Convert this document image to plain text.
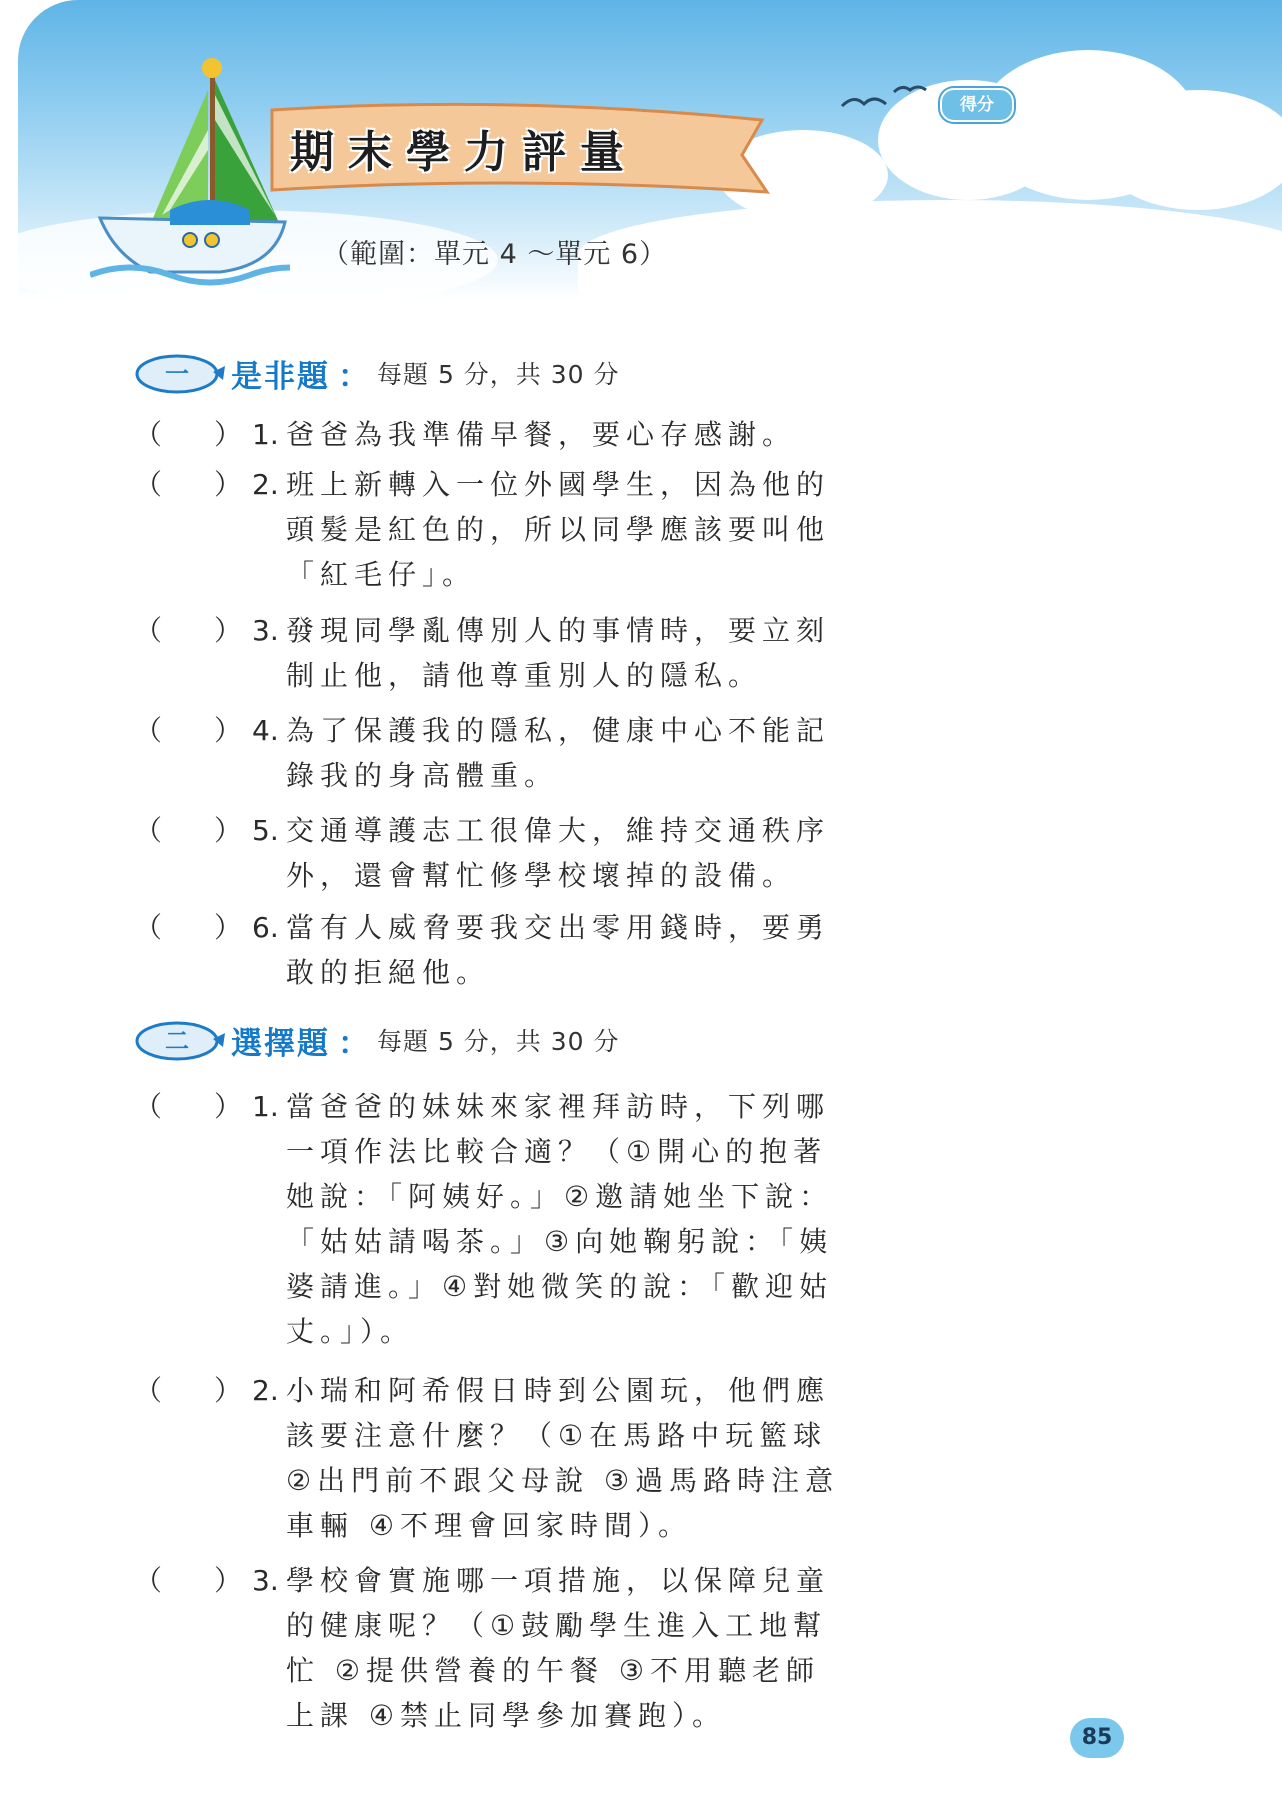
期末學力評量
（範圍：單元 4 ～單元 6）
得分
一 是非題 ： 每題 5 分，共 30 分
（ ） 1. 爸爸為我準備早餐，要心存感謝。
（ ） 2. 班上新轉入一位外國學生，因為他的
頭髮是紅色的，所以同學應該要叫他
「紅毛仔」。
（ ） 3. 發現同學亂傳別人的事情時，要立刻
制止他，請他尊重別人的隱私。
（ ） 4. 為了保護我的隱私，健康中心不能記
錄我的身高體重。
（ ） 5. 交通導護志工很偉大，維持交通秩序
外，還會幫忙修學校壞掉的設備。
（ ） 6. 當有人威脅要我交出零用錢時，要勇
敢的拒絕他。
二 選擇題 ： 每題 5 分，共 30 分
（ ） 1. 當爸爸的妹妹來家裡拜訪時，下列哪
一項作法比較合適？（①開心的抱著
她說：「阿姨好。」②邀請她坐下說：
「姑姑請喝茶。」③向她鞠躬說：「姨
婆請進。」④對她微笑的說：「歡迎姑
丈。」）。
（ ） 2. 小瑞和阿希假日時到公園玩，他們應
該要注意什麼？（①在馬路中玩籃球
②出門前不跟父母說 ③過馬路時注意
車輛 ④不理會回家時間）。
（ ） 3. 學校會實施哪一項措施，以保障兒童
的健康呢？（①鼓勵學生進入工地幫
忙 ②提供營養的午餐 ③不用聽老師
上課 ④禁止同學參加賽跑）。
85
